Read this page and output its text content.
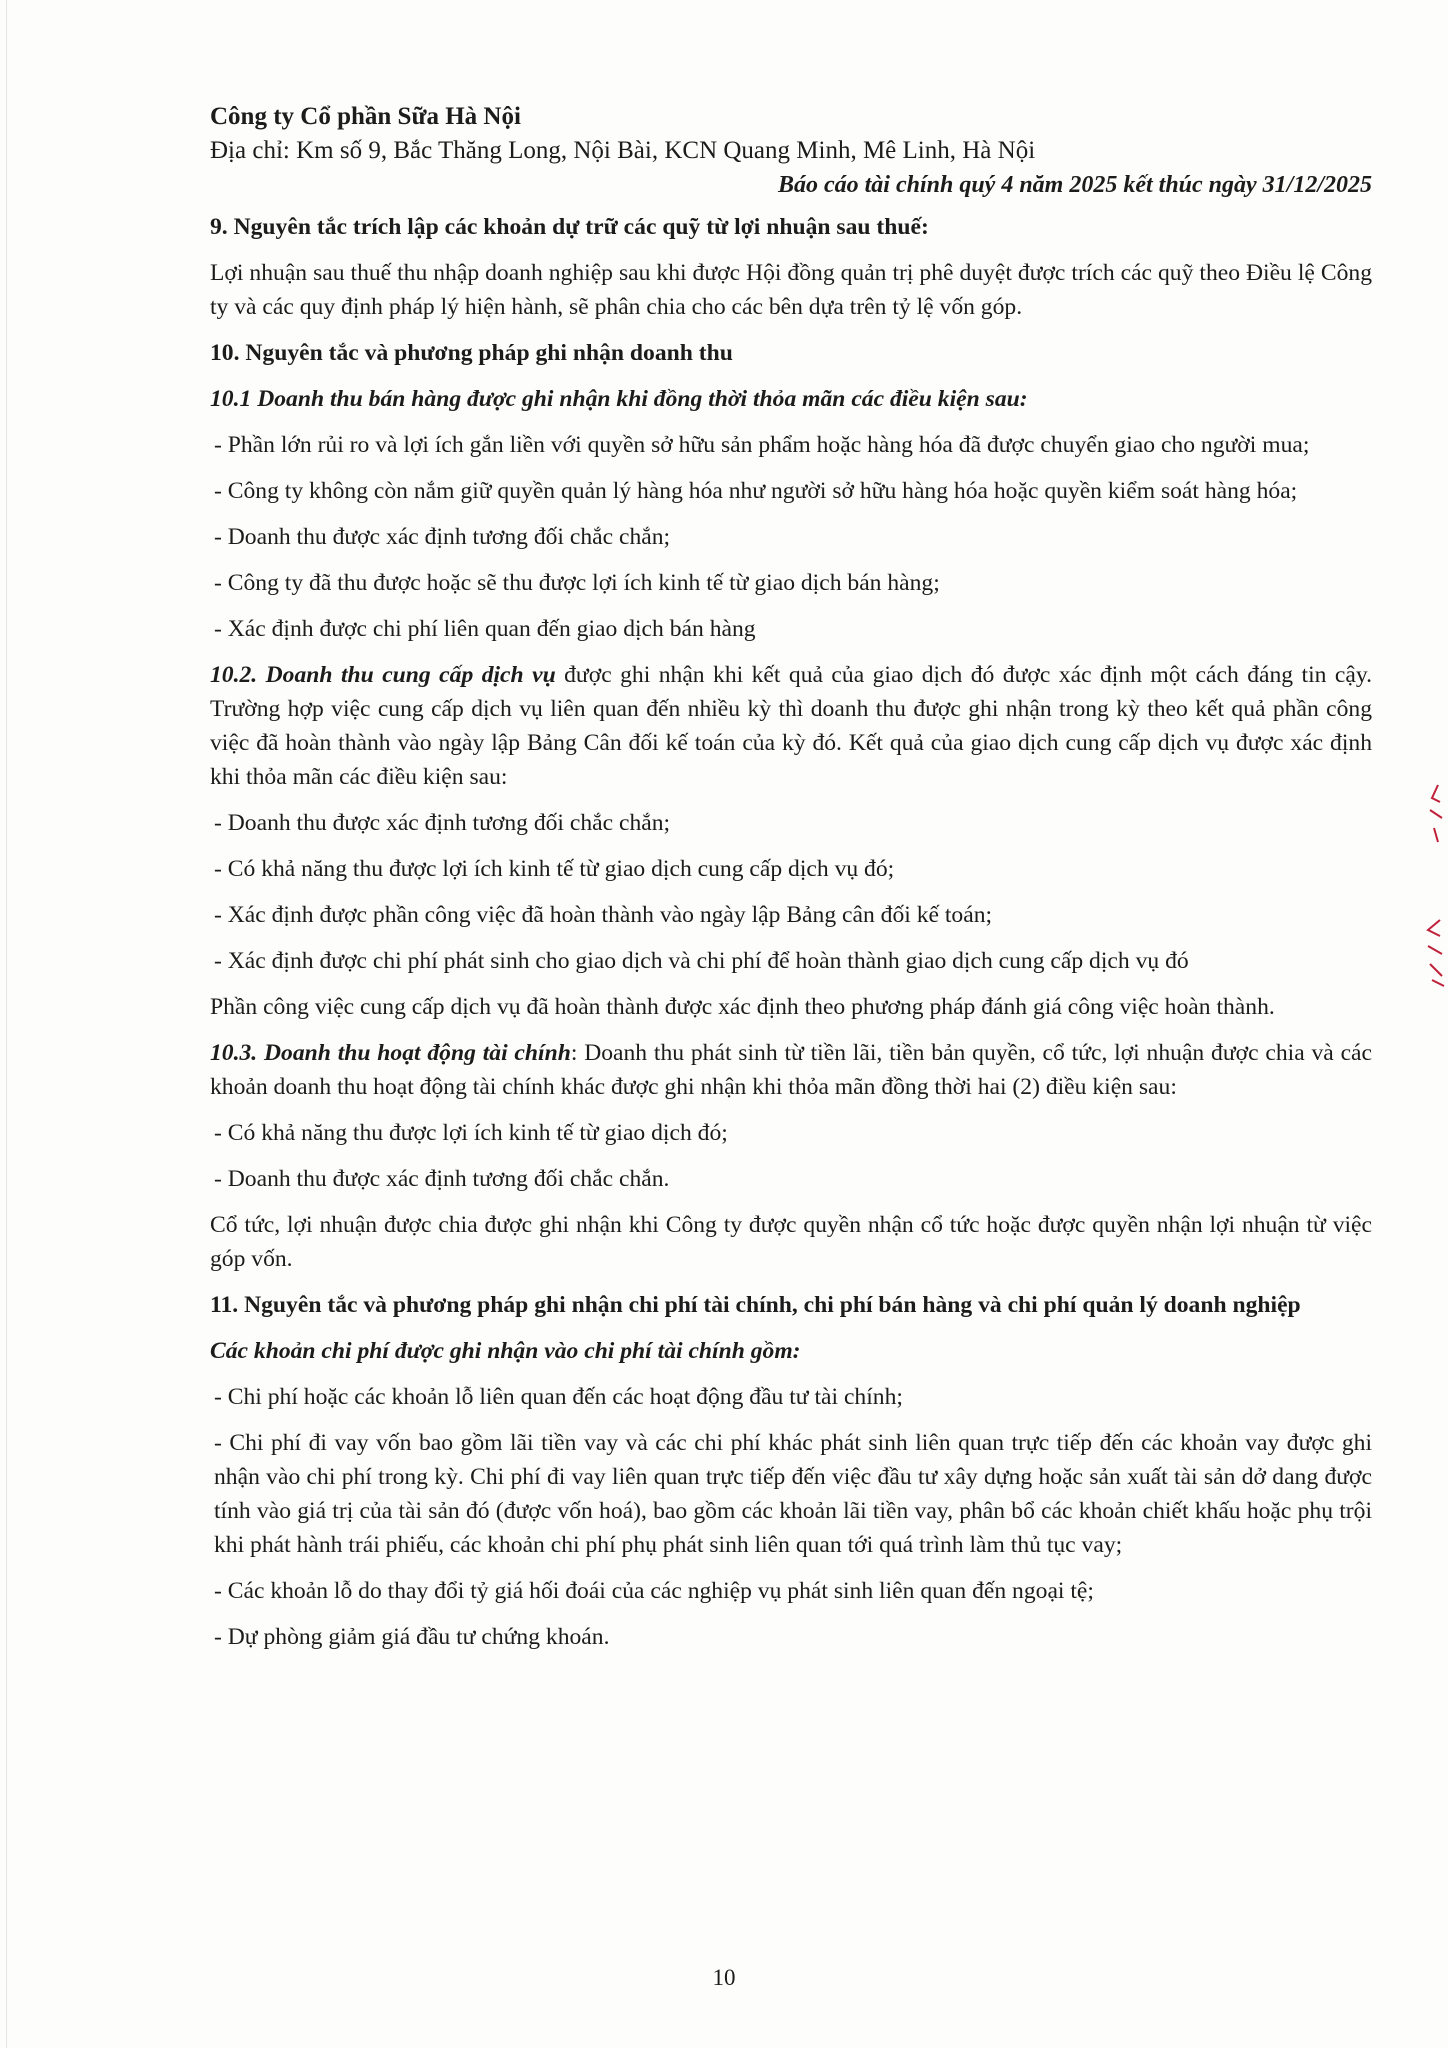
Công ty Cổ phần Sữa Hà Nội
Địa chỉ: Km số 9, Bắc Thăng Long, Nội Bài, KCN Quang Minh, Mê Linh, Hà Nội
Báo cáo tài chính quý 4 năm 2025 kết thúc ngày 31/12/2025

9. Nguyên tắc trích lập các khoản dự trữ các quỹ từ lợi nhuận sau thuế:

Lợi nhuận sau thuế thu nhập doanh nghiệp sau khi được Hội đồng quản trị phê duyệt được trích các quỹ theo Điều lệ Công ty và các quy định pháp lý hiện hành, sẽ phân chia cho các bên dựa trên tỷ lệ vốn góp.

10. Nguyên tắc và phương pháp ghi nhận doanh thu

10.1 Doanh thu bán hàng được ghi nhận khi đồng thời thỏa mãn các điều kiện sau:

- Phần lớn rủi ro và lợi ích gắn liền với quyền sở hữu sản phẩm hoặc hàng hóa đã được chuyển giao cho người mua;

- Công ty không còn nắm giữ quyền quản lý hàng hóa như người sở hữu hàng hóa hoặc quyền kiểm soát hàng hóa;

- Doanh thu được xác định tương đối chắc chắn;

- Công ty đã thu được hoặc sẽ thu được lợi ích kinh tế từ giao dịch bán hàng;

- Xác định được chi phí liên quan đến giao dịch bán hàng

10.2. Doanh thu cung cấp dịch vụ được ghi nhận khi kết quả của giao dịch đó được xác định một cách đáng tin cậy. Trường hợp việc cung cấp dịch vụ liên quan đến nhiều kỳ thì doanh thu được ghi nhận trong kỳ theo kết quả phần công việc đã hoàn thành vào ngày lập Bảng Cân đối kế toán của kỳ đó. Kết quả của giao dịch cung cấp dịch vụ được xác định khi thỏa mãn các điều kiện sau:

- Doanh thu được xác định tương đối chắc chắn;

- Có khả năng thu được lợi ích kinh tế từ giao dịch cung cấp dịch vụ đó;

- Xác định được phần công việc đã hoàn thành vào ngày lập Bảng cân đối kế toán;

- Xác định được chi phí phát sinh cho giao dịch và chi phí để hoàn thành giao dịch cung cấp dịch vụ đó

Phần công việc cung cấp dịch vụ đã hoàn thành được xác định theo phương pháp đánh giá công việc hoàn thành.

10.3. Doanh thu hoạt động tài chính: Doanh thu phát sinh từ tiền lãi, tiền bản quyền, cổ tức, lợi nhuận được chia và các khoản doanh thu hoạt động tài chính khác được ghi nhận khi thỏa mãn đồng thời hai (2) điều kiện sau:

- Có khả năng thu được lợi ích kinh tế từ giao dịch đó;

- Doanh thu được xác định tương đối chắc chắn.

Cổ tức, lợi nhuận được chia được ghi nhận khi Công ty được quyền nhận cổ tức hoặc được quyền nhận lợi nhuận từ việc góp vốn.

11. Nguyên tắc và phương pháp ghi nhận chi phí tài chính, chi phí bán hàng và chi phí quản lý doanh nghiệp

Các khoản chi phí được ghi nhận vào chi phí tài chính gồm:

- Chi phí hoặc các khoản lỗ liên quan đến các hoạt động đầu tư tài chính;

- Chi phí đi vay vốn bao gồm lãi tiền vay và các chi phí khác phát sinh liên quan trực tiếp đến các khoản vay được ghi nhận vào chi phí trong kỳ. Chi phí đi vay liên quan trực tiếp đến việc đầu tư xây dựng hoặc sản xuất tài sản dở dang được tính vào giá trị của tài sản đó (được vốn hoá), bao gồm các khoản lãi tiền vay, phân bổ các khoản chiết khấu hoặc phụ trội khi phát hành trái phiếu, các khoản chi phí phụ phát sinh liên quan tới quá trình làm thủ tục vay;

- Các khoản lỗ do thay đổi tỷ giá hối đoái của các nghiệp vụ phát sinh liên quan đến ngoại tệ;

- Dự phòng giảm giá đầu tư chứng khoán.

10
